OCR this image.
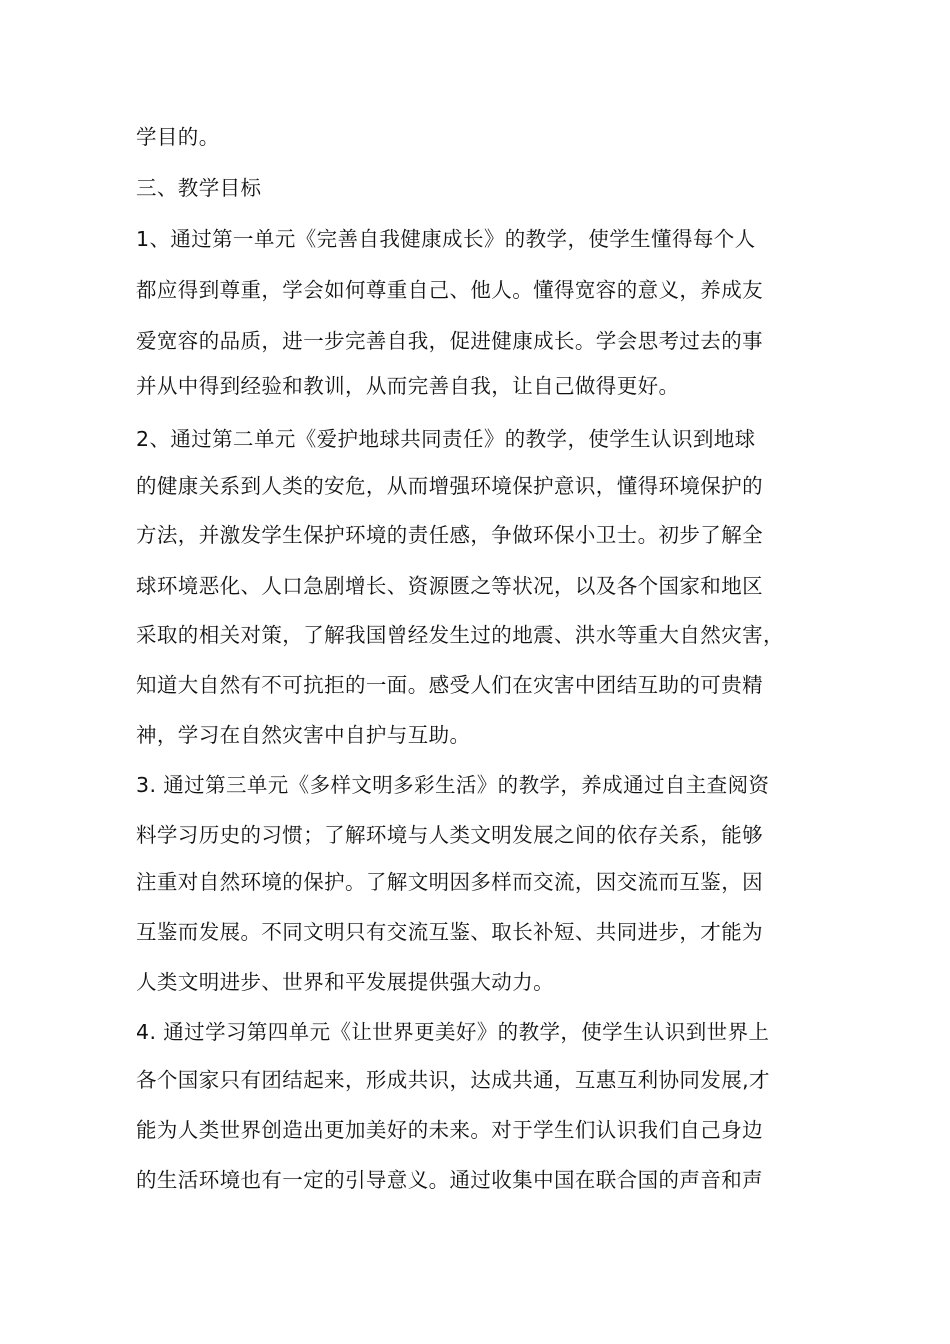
学目的。
三、教学目标
1、通过第一单元《完善自我健康成长》的教学，使学生懂得每个人
都应得到尊重，学会如何尊重自己、他人。懂得宽容的意义，养成友
爱宽容的品质，进一步完善自我，促进健康成长。学会思考过去的事
并从中得到经验和教训，从而完善自我，让自己做得更好。
2、通过第二单元《爱护地球共同责任》的教学，使学生认识到地球
的健康关系到人类的安危，从而增强环境保护意识，懂得环境保护的
方法，并激发学生保护环境的责任感，争做环保小卫士。初步了解全
球环境恶化、人口急剧增长、资源匮之等状况，以及各个国家和地区
采取的相关对策，了解我国曾经发生过的地震、洪水等重大自然灾害，
知道大自然有不可抗拒的一面。感受人们在灾害中团结互助的可贵精
神，学习在自然灾害中自护与互助。
3. 通过第三单元《多样文明多彩生活》的教学，养成通过自主查阅资
料学习历史的习惯；了解环境与人类文明发展之间的依存关系，能够
注重对自然环境的保护。了解文明因多样而交流，因交流而互鉴，因
互鉴而发展。不同文明只有交流互鉴、取长补短、共同进步，才能为
人类文明进步、世界和平发展提供强大动力。
4. 通过学习第四单元《让世界更美好》的教学，使学生认识到世界上
各个国家只有团结起来，形成共识，达成共通，互惠互利协同发展,才
能为人类世界创造出更加美好的未来。对于学生们认识我们自己身边
的生活环境也有一定的引导意义。通过收集中国在联合国的声音和声
